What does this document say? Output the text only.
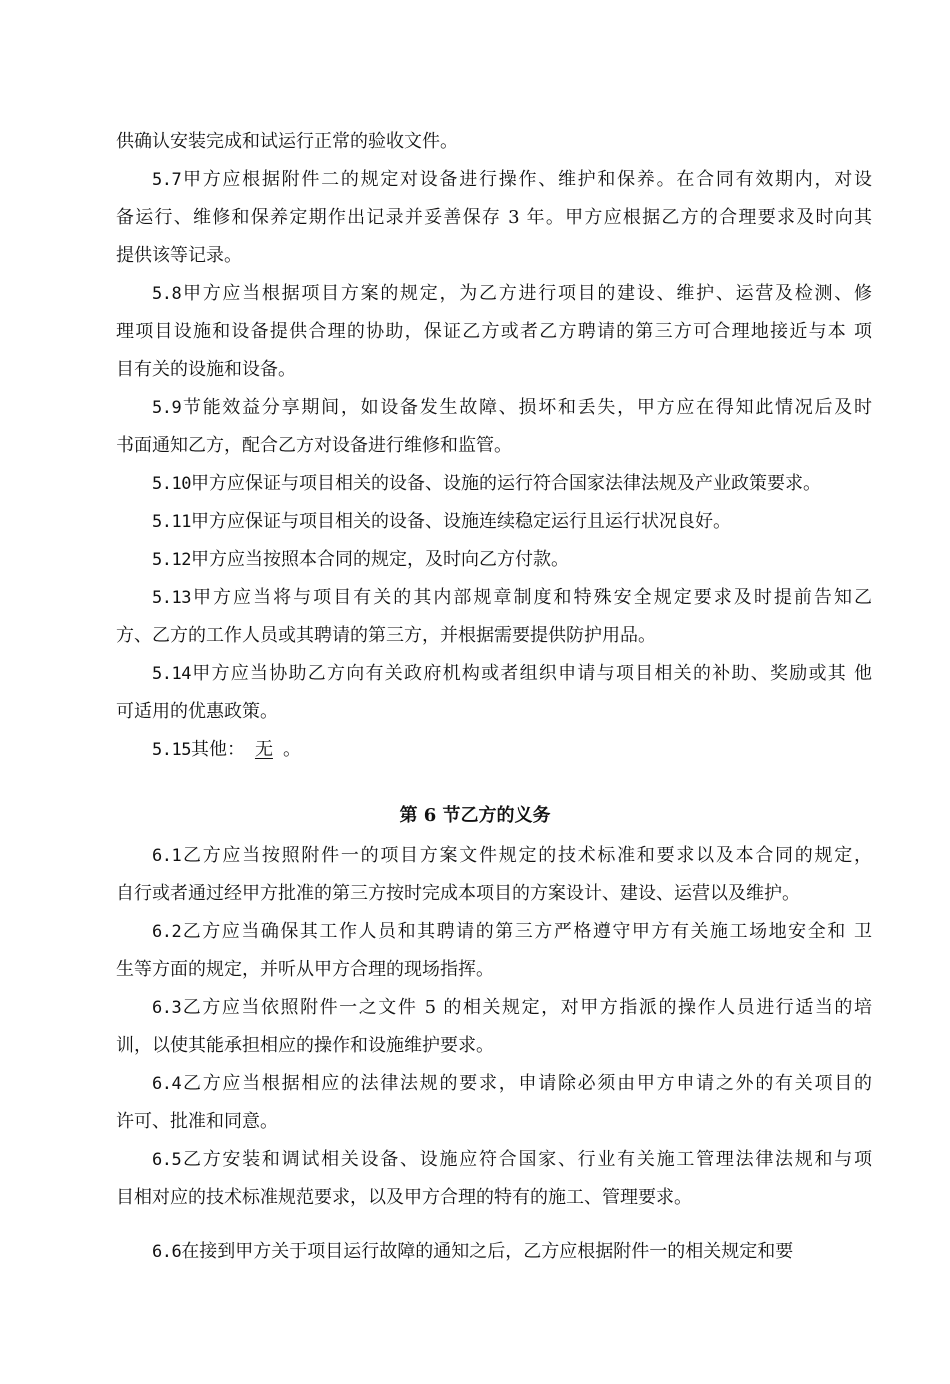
供确认安装完成和试运行正常的验收文件。
5.7甲方应根据附件二的规定对设备进行操作、维护和保养。在合同有效期内，对设
备运行、维修和保养定期作出记录并妥善保存 3 年。甲方应根据乙方的合理要求及时向其
提供该等记录。
5.8甲方应当根据项目方案的规定，为乙方进行项目的建设、维护、运营及检测、修
理项目设施和设备提供合理的协助，保证乙方或者乙方聘请的第三方可合理地接近与本 项
目有关的设施和设备。
5.9节能效益分享期间，如设备发生故障、损坏和丢失，甲方应在得知此情况后及时
书面通知乙方，配合乙方对设备进行维修和监管。
5.10甲方应保证与项目相关的设备、设施的运行符合国家法律法规及产业政策要求。
5.11甲方应保证与项目相关的设备、设施连续稳定运行且运行状况良好。
5.12甲方应当按照本合同的规定，及时向乙方付款。
5.13甲方应当将与项目有关的其内部规章制度和特殊安全规定要求及时提前告知乙
方、乙方的工作人员或其聘请的第三方，并根据需要提供防护用品。
5.14甲方应当协助乙方向有关政府机构或者组织申请与项目相关的补助、奖励或其 他
可适用的优惠政策。
5.15其他： 无 。
第 6 节乙方的义务
6.1乙方应当按照附件一的项目方案文件规定的技术标准和要求以及本合同的规定，
自行或者通过经甲方批准的第三方按时完成本项目的方案设计、建设、运营以及维护。
6.2乙方应当确保其工作人员和其聘请的第三方严格遵守甲方有关施工场地安全和 卫
生等方面的规定，并听从甲方合理的现场指挥。
6.3乙方应当依照附件一之文件 5 的相关规定，对甲方指派的操作人员进行适当的培
训，以使其能承担相应的操作和设施维护要求。
6.4乙方应当根据相应的法律法规的要求，申请除必须由甲方申请之外的有关项目的
许可、批准和同意。
6.5乙方安装和调试相关设备、设施应符合国家、行业有关施工管理法律法规和与项
目相对应的技术标准规范要求，以及甲方合理的特有的施工、管理要求。
6.6在接到甲方关于项目运行故障的通知之后，乙方应根据附件一的相关规定和要
